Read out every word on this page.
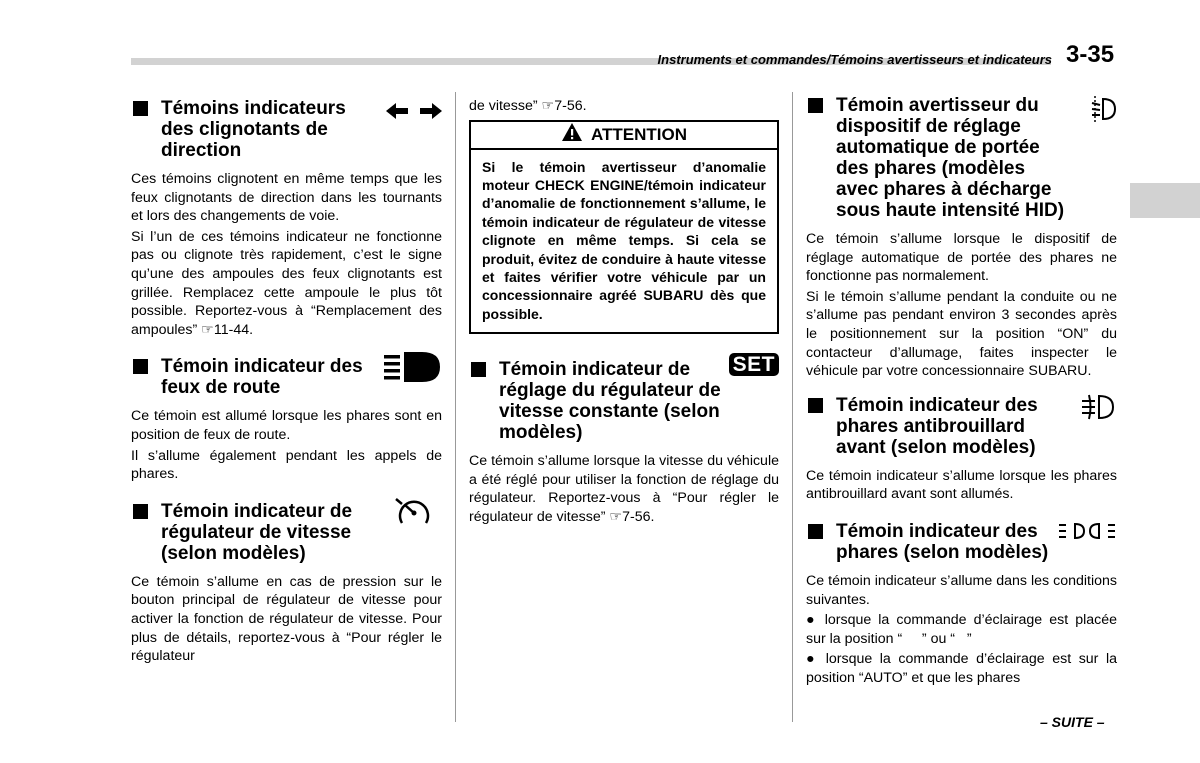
Instruments et commandes/Témoins avertisseurs et indicateurs 3-35
Témoins indicateurs des clignotants de direction

Ces témoins clignotent en même temps que les feux clignotants de direction dans les tournants et lors des changements de voie.

Si l’un de ces témoins indicateur ne fonctionne pas ou clignote très rapidement, c’est le signe qu’une des ampoules des feux clignotants est grillée. Remplacez cette ampoule le plus tôt possible. Reportez-vous à “Remplacement des ampoules” ☞11-44.

Témoin indicateur des feux de route

Ce témoin est allumé lorsque les phares sont en position de feux de route.

Il s’allume également pendant les appels de phares.

Témoin indicateur de régulateur de vitesse (selon modèles)

Ce témoin s’allume en cas de pression sur le bouton principal de régulateur de vitesse pour activer la fonction de régulateur de vitesse. Pour plus de détails, reportez-vous à “Pour régler le régulateur

de vitesse” ☞7-56.

ATTENTION
Si le témoin avertisseur d’anomalie moteur CHECK ENGINE/témoin indicateur d’anomalie de fonctionnement s’allume, le témoin indicateur de régulateur de vitesse clignote en même temps. Si cela se produit, évitez de conduire à haute vitesse et faites vérifier votre véhicule par un concessionnaire agréé SUBARU dès que possible.
Témoin indicateur de réglage du régulateur de vitesse constante (selon modèles)
SET

Ce témoin s’allume lorsque la vitesse du véhicule a été réglé pour utiliser la fonction de réglage du régulateur. Reportez-vous à “Pour régler le régulateur de vitesse” ☞7-56.

Témoin avertisseur du dispositif de réglage automatique de portée des phares (modèles avec phares à décharge sous haute intensité HID)

Ce témoin s’allume lorsque le dispositif de réglage automatique de portée des phares ne fonctionne pas normalement.

Si le témoin s’allume pendant la conduite ou ne s’allume pas pendant environ 3 secondes après le positionnement sur la position “ON” du contacteur d’allumage, faites inspecter le véhicule par votre concessionnaire SUBARU.

Témoin indicateur des phares antibrouillard avant (selon modèles)

Ce témoin indicateur s’allume lorsque les phares antibrouillard avant sont allumés.

Témoin indicateur des phares (selon modèles)

Ce témoin indicateur s’allume dans les conditions suivantes.

● lorsque la commande d’éclairage est placée sur la position “     ” ou “   ”

● lorsque la commande d’éclairage est sur la position “AUTO” et que les phares

– SUITE –
